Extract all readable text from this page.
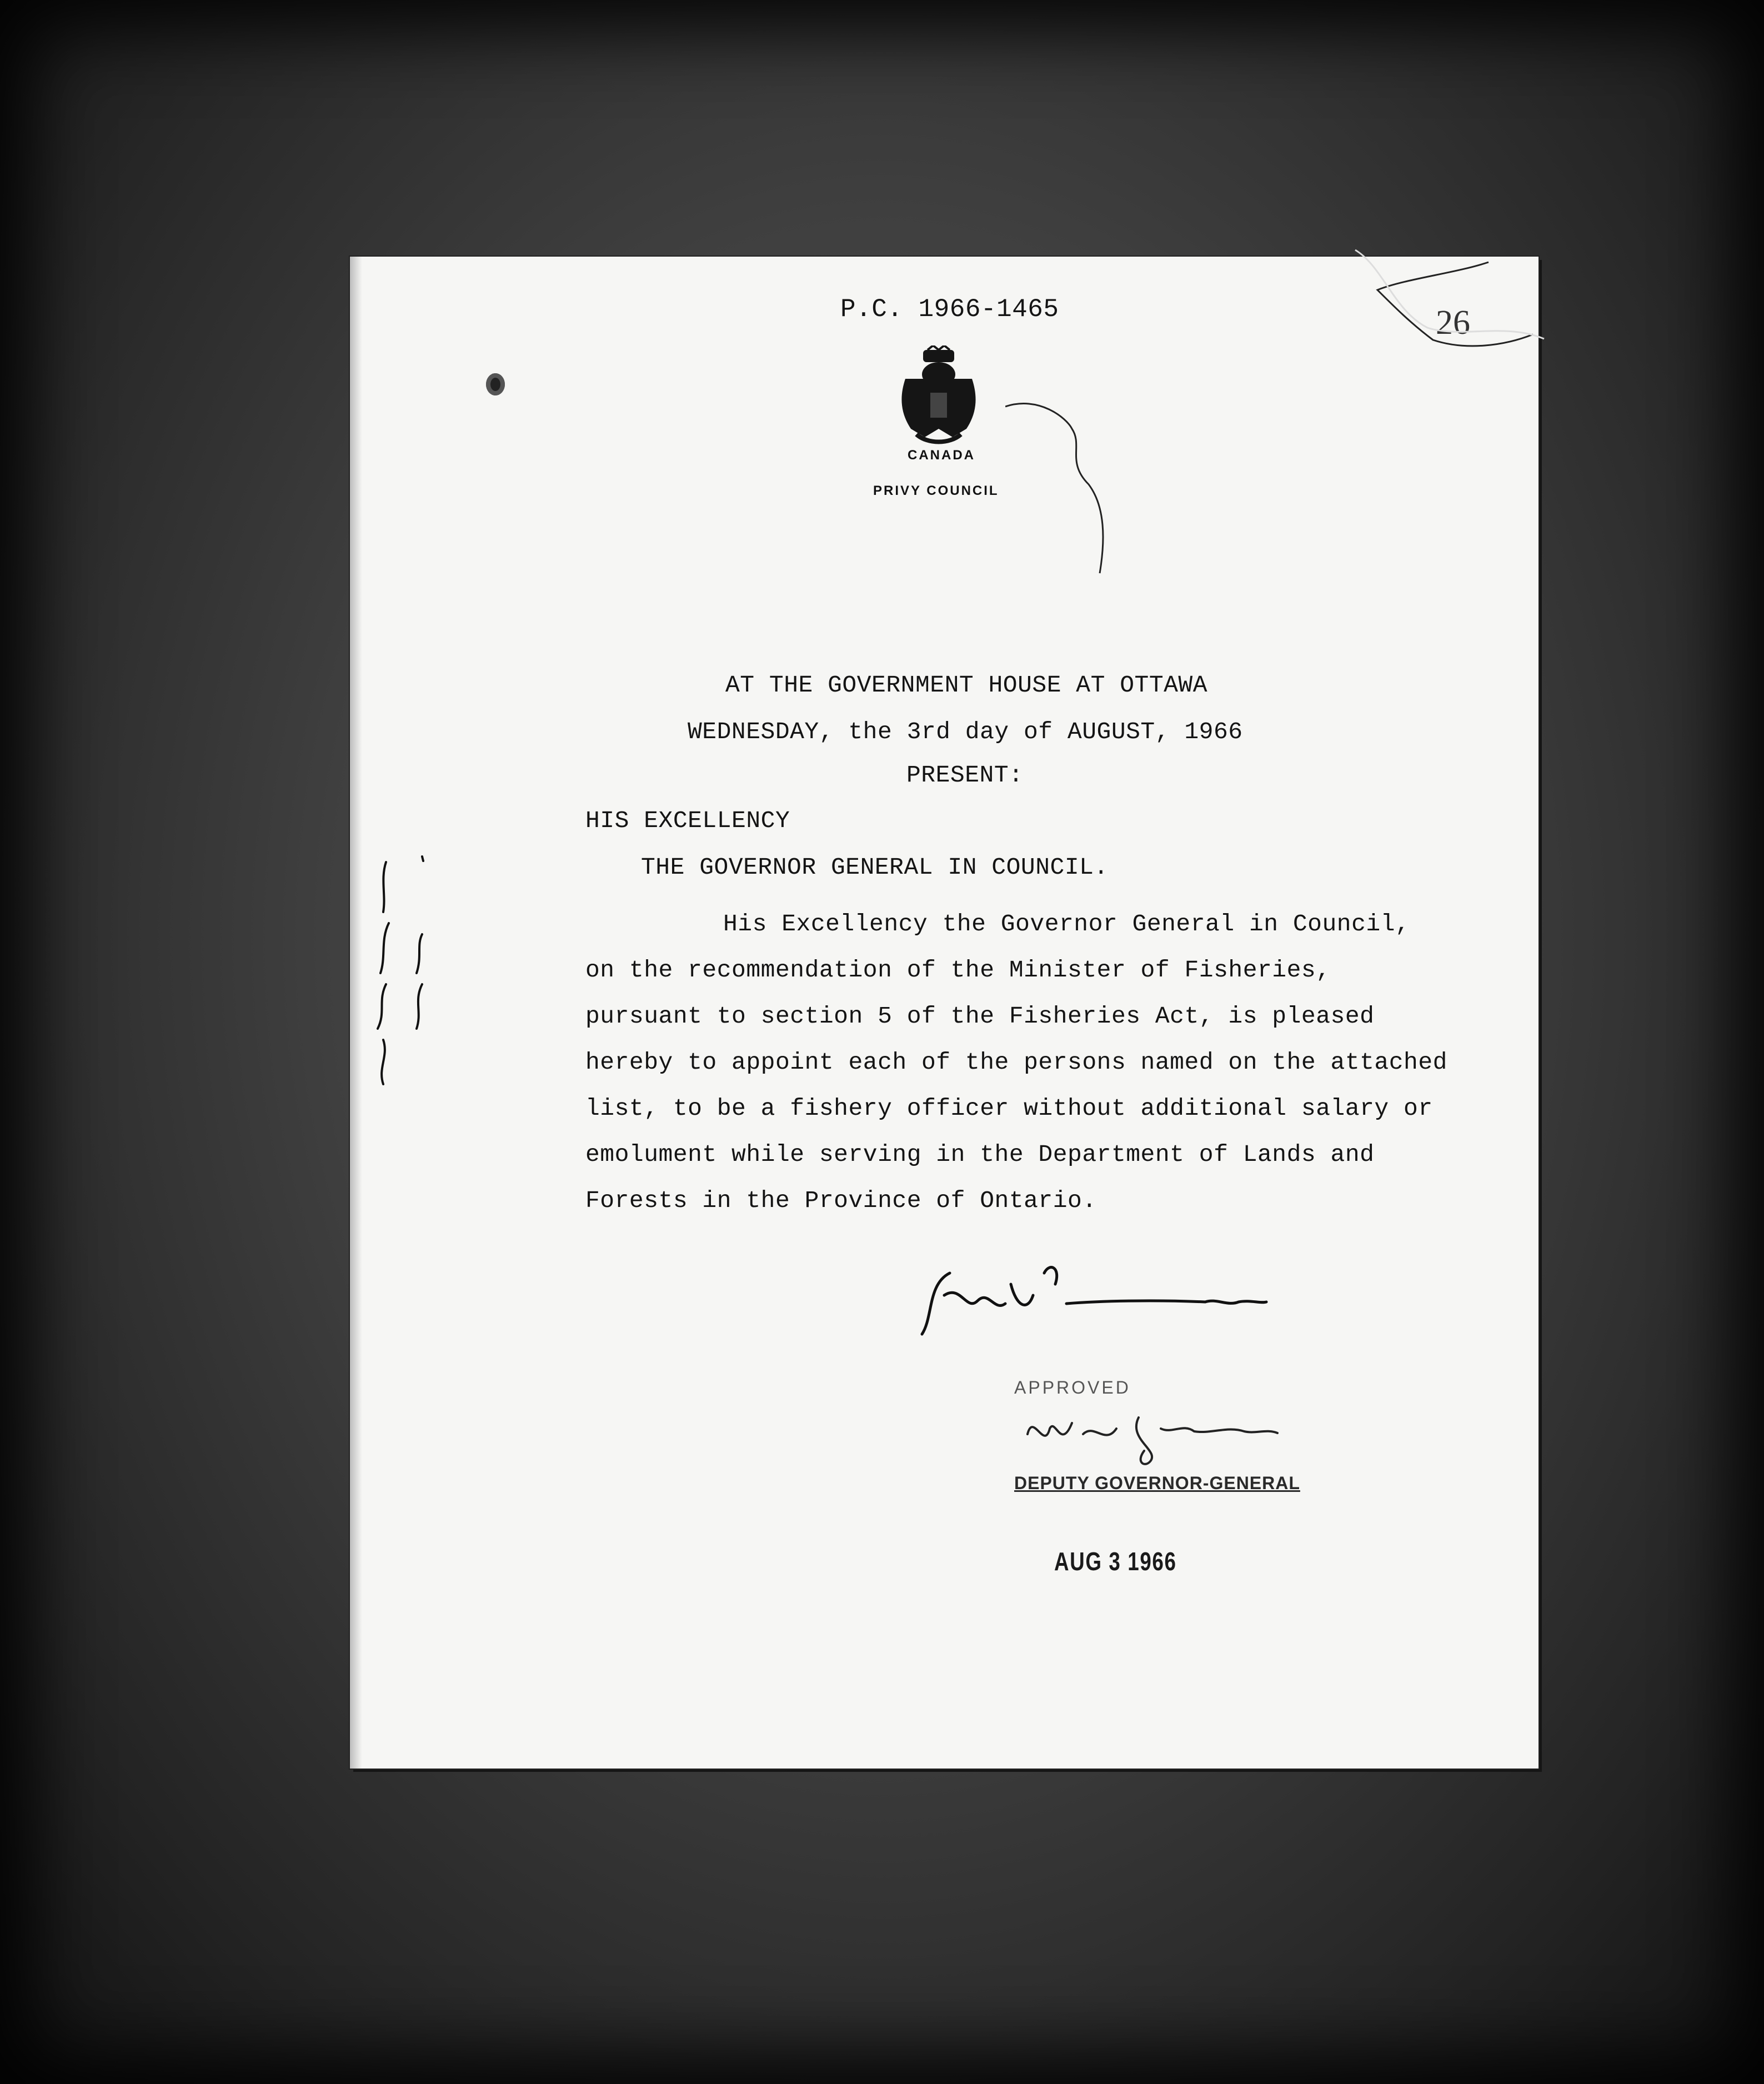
P.C. 1966-1465	26
CANADA
PRIVY COUNCIL
AT THE GOVERNMENT HOUSE AT OTTAWA
WEDNESDAY, the 3rd day of AUGUST, 1966
PRESENT:
HIS EXCELLENCY
THE GOVERNOR GENERAL IN COUNCIL.
His Excellency the Governor General in Council,
on the recommendation of the Minister of Fisheries,
pursuant to section 5 of the Fisheries Act, is pleased
hereby to appoint each of the persons named on the attached
list, to be a fishery officer without additional salary or
emolument while serving in the Department of Lands and
Forests in the Province of Ontario.
APPROVED
DEPUTY GOVERNOR-GENERAL
AUG 3 1966
